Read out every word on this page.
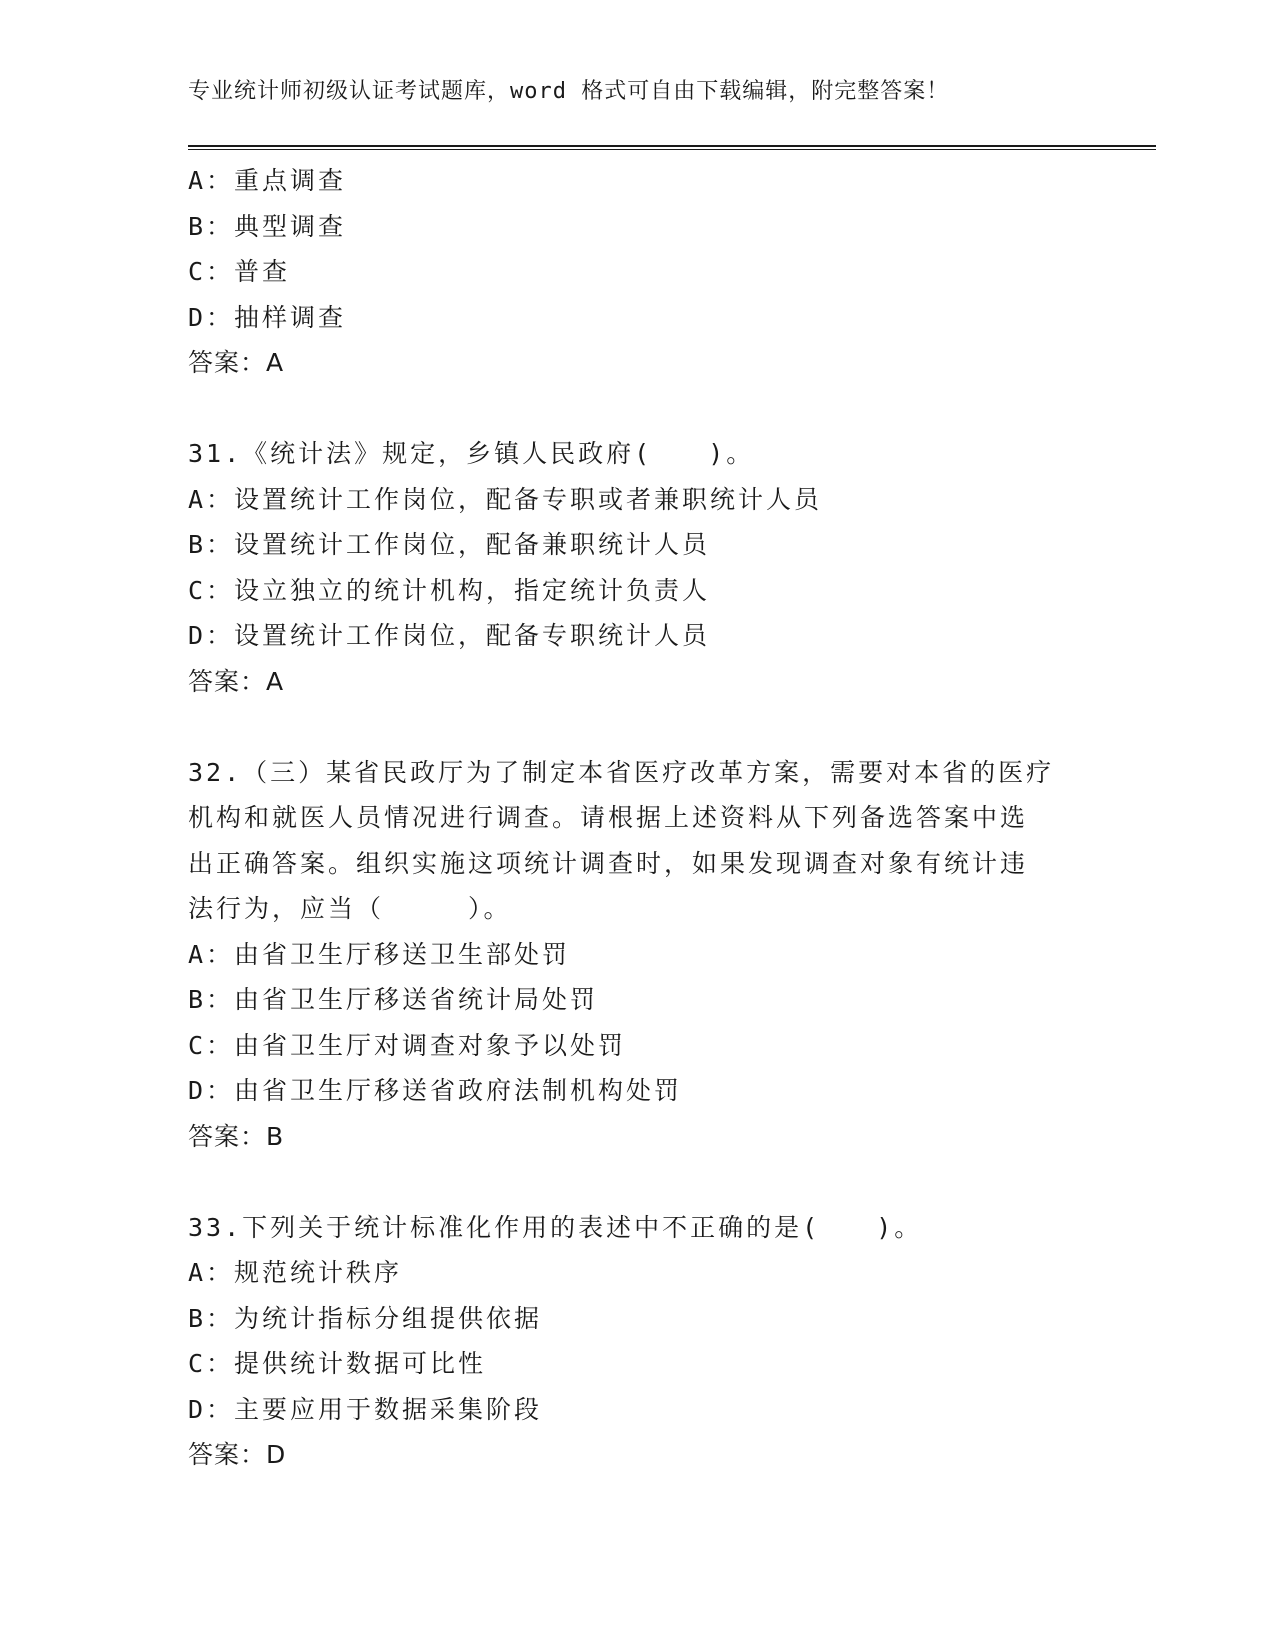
专业统计师初级认证考试题库，word 格式可自由下载编辑，附完整答案！
A：重点调查
B：典型调查
C：普查
D：抽样调查
答案：A
31.《统计法》规定，乡镇人民政府(　　)。
A：设置统计工作岗位，配备专职或者兼职统计人员
B：设置统计工作岗位，配备兼职统计人员
C：设立独立的统计机构，指定统计负责人
D：设置统计工作岗位，配备专职统计人员
答案：A
32.（三）某省民政厅为了制定本省医疗改革方案，需要对本省的医疗
机构和就医人员情况进行调查。请根据上述资料从下列备选答案中选
出正确答案。组织实施这项统计调查时，如果发现调查对象有统计违
法行为，应当（　　　）。
A：由省卫生厅移送卫生部处罚
B：由省卫生厅移送省统计局处罚
C：由省卫生厅对调查对象予以处罚
D：由省卫生厅移送省政府法制机构处罚
答案：B
33.下列关于统计标准化作用的表述中不正确的是(　　)。
A：规范统计秩序
B：为统计指标分组提供依据
C：提供统计数据可比性
D：主要应用于数据采集阶段
答案：D
